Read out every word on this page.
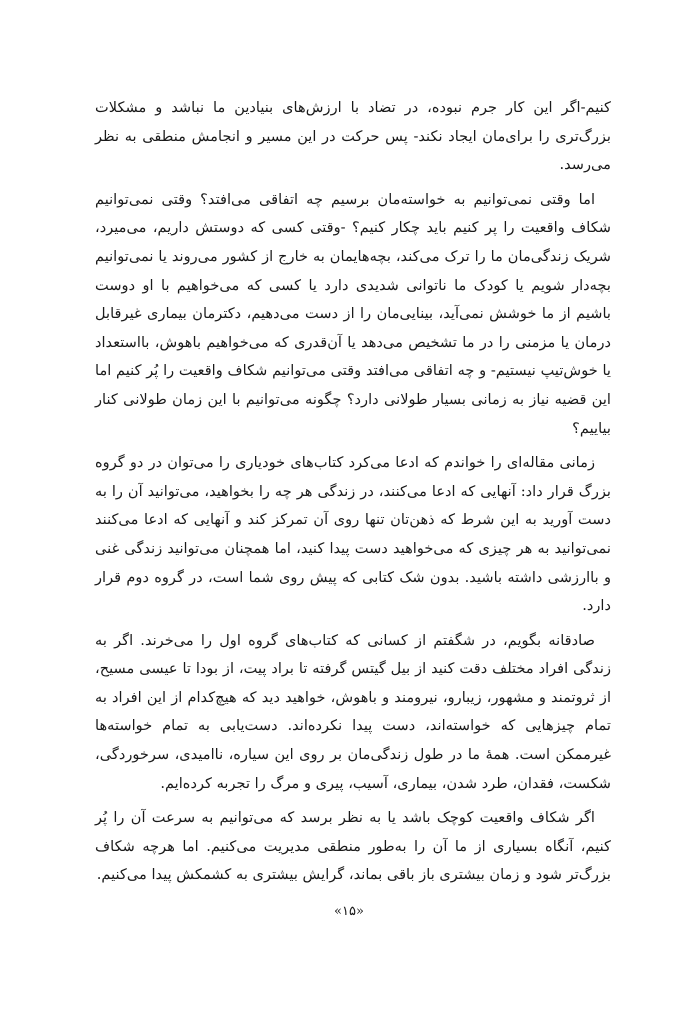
کنیم-اگر این کار جرم نبوده، در تضاد با ارزش‌های بنیادین ما نباشد و مشکلات بزرگ‌تری را برای‌مان ایجاد نکند- پس حرکت در این مسیر و انجامش منطقی به نظر می‌رسد.

اما وقتی نمی‌توانیم به خواسته‌مان برسیم چه اتفاقی می‌افتد؟ وقتی نمی‌توانیم شکاف واقعیت را پر کنیم باید چکار کنیم؟ -وقتی کسی که دوستش داریم، می‌میرد، شریک زندگی‌مان ما را ترک می‌کند، بچه‌هایمان به خارج از کشور می‌روند یا نمی‌توانیم بچه‌دار شویم یا کودک ما ناتوانی شدیدی دارد یا کسی که می‌خواهیم با او دوست باشیم از ما خوشش نمی‌آید، بینایی‌مان را از دست می‌دهیم، دکترمان بیماری غیرقابل درمان یا مزمنی را در ما تشخیص می‌دهد یا آن‌قدری که می‌خواهیم باهوش، بااستعداد یا خوش‌تیپ نیستیم- و چه اتفاقی می‌افتد وقتی می‌توانیم شکاف واقعیت را پُر کنیم اما این قضیه نیاز به زمانی بسیار طولانی دارد؟ چگونه می‌توانیم با این زمان طولانی کنار بیاییم؟

زمانی مقاله‌ای را خواندم که ادعا می‌کرد کتاب‌های خودیاری را می‌توان در دو گروه بزرگ قرار داد: آنهایی که ادعا می‌کنند، در زندگی هر چه را بخواهید، می‌توانید آن را به دست آورید به این شرط که ذهن‌تان تنها روی آن تمرکز کند و آنهایی که ادعا می‌کنند نمی‌توانید به هر چیزی که می‌خواهید دست پیدا کنید، اما همچنان می‌توانید زندگی غنی و باارزشی داشته باشید. بدون شک کتابی که پیش روی شما است، در گروه دوم قرار دارد.

صادقانه بگویم، در شگفتم از کسانی که کتاب‌های گروه اول را می‌خرند. اگر به زندگی افراد مختلف دقت کنید از بیل گیتس گرفته تا براد پیت، از بودا تا عیسی مسیح، از ثروتمند و مشهور، زیبارو، نیرومند و باهوش، خواهید دید که هیچ‌کدام از این افراد به تمام چیزهایی که خواسته‌اند، دست پیدا نکرده‌اند. دست‌یابی به تمام خواسته‌ها غیرممکن است. همهٔ ما در طول زندگی‌مان بر روی این سیاره، ناامیدی، سرخوردگی، شکست، فقدان، طرد شدن، بیماری، آسیب، پیری و مرگ را تجربه کرده‌ایم.

اگر شکاف واقعیت کوچک باشد یا به نظر برسد که می‌توانیم به سرعت آن را پُر کنیم، آنگاه بسیاری از ما آن را به‌طور منطقی مدیریت می‌کنیم. اما هرچه شکاف بزرگ‌تر شود و زمان بیشتری باز باقی بماند، گرایش بیشتری به کشمکش پیدا می‌کنیم.

«۱۵»
